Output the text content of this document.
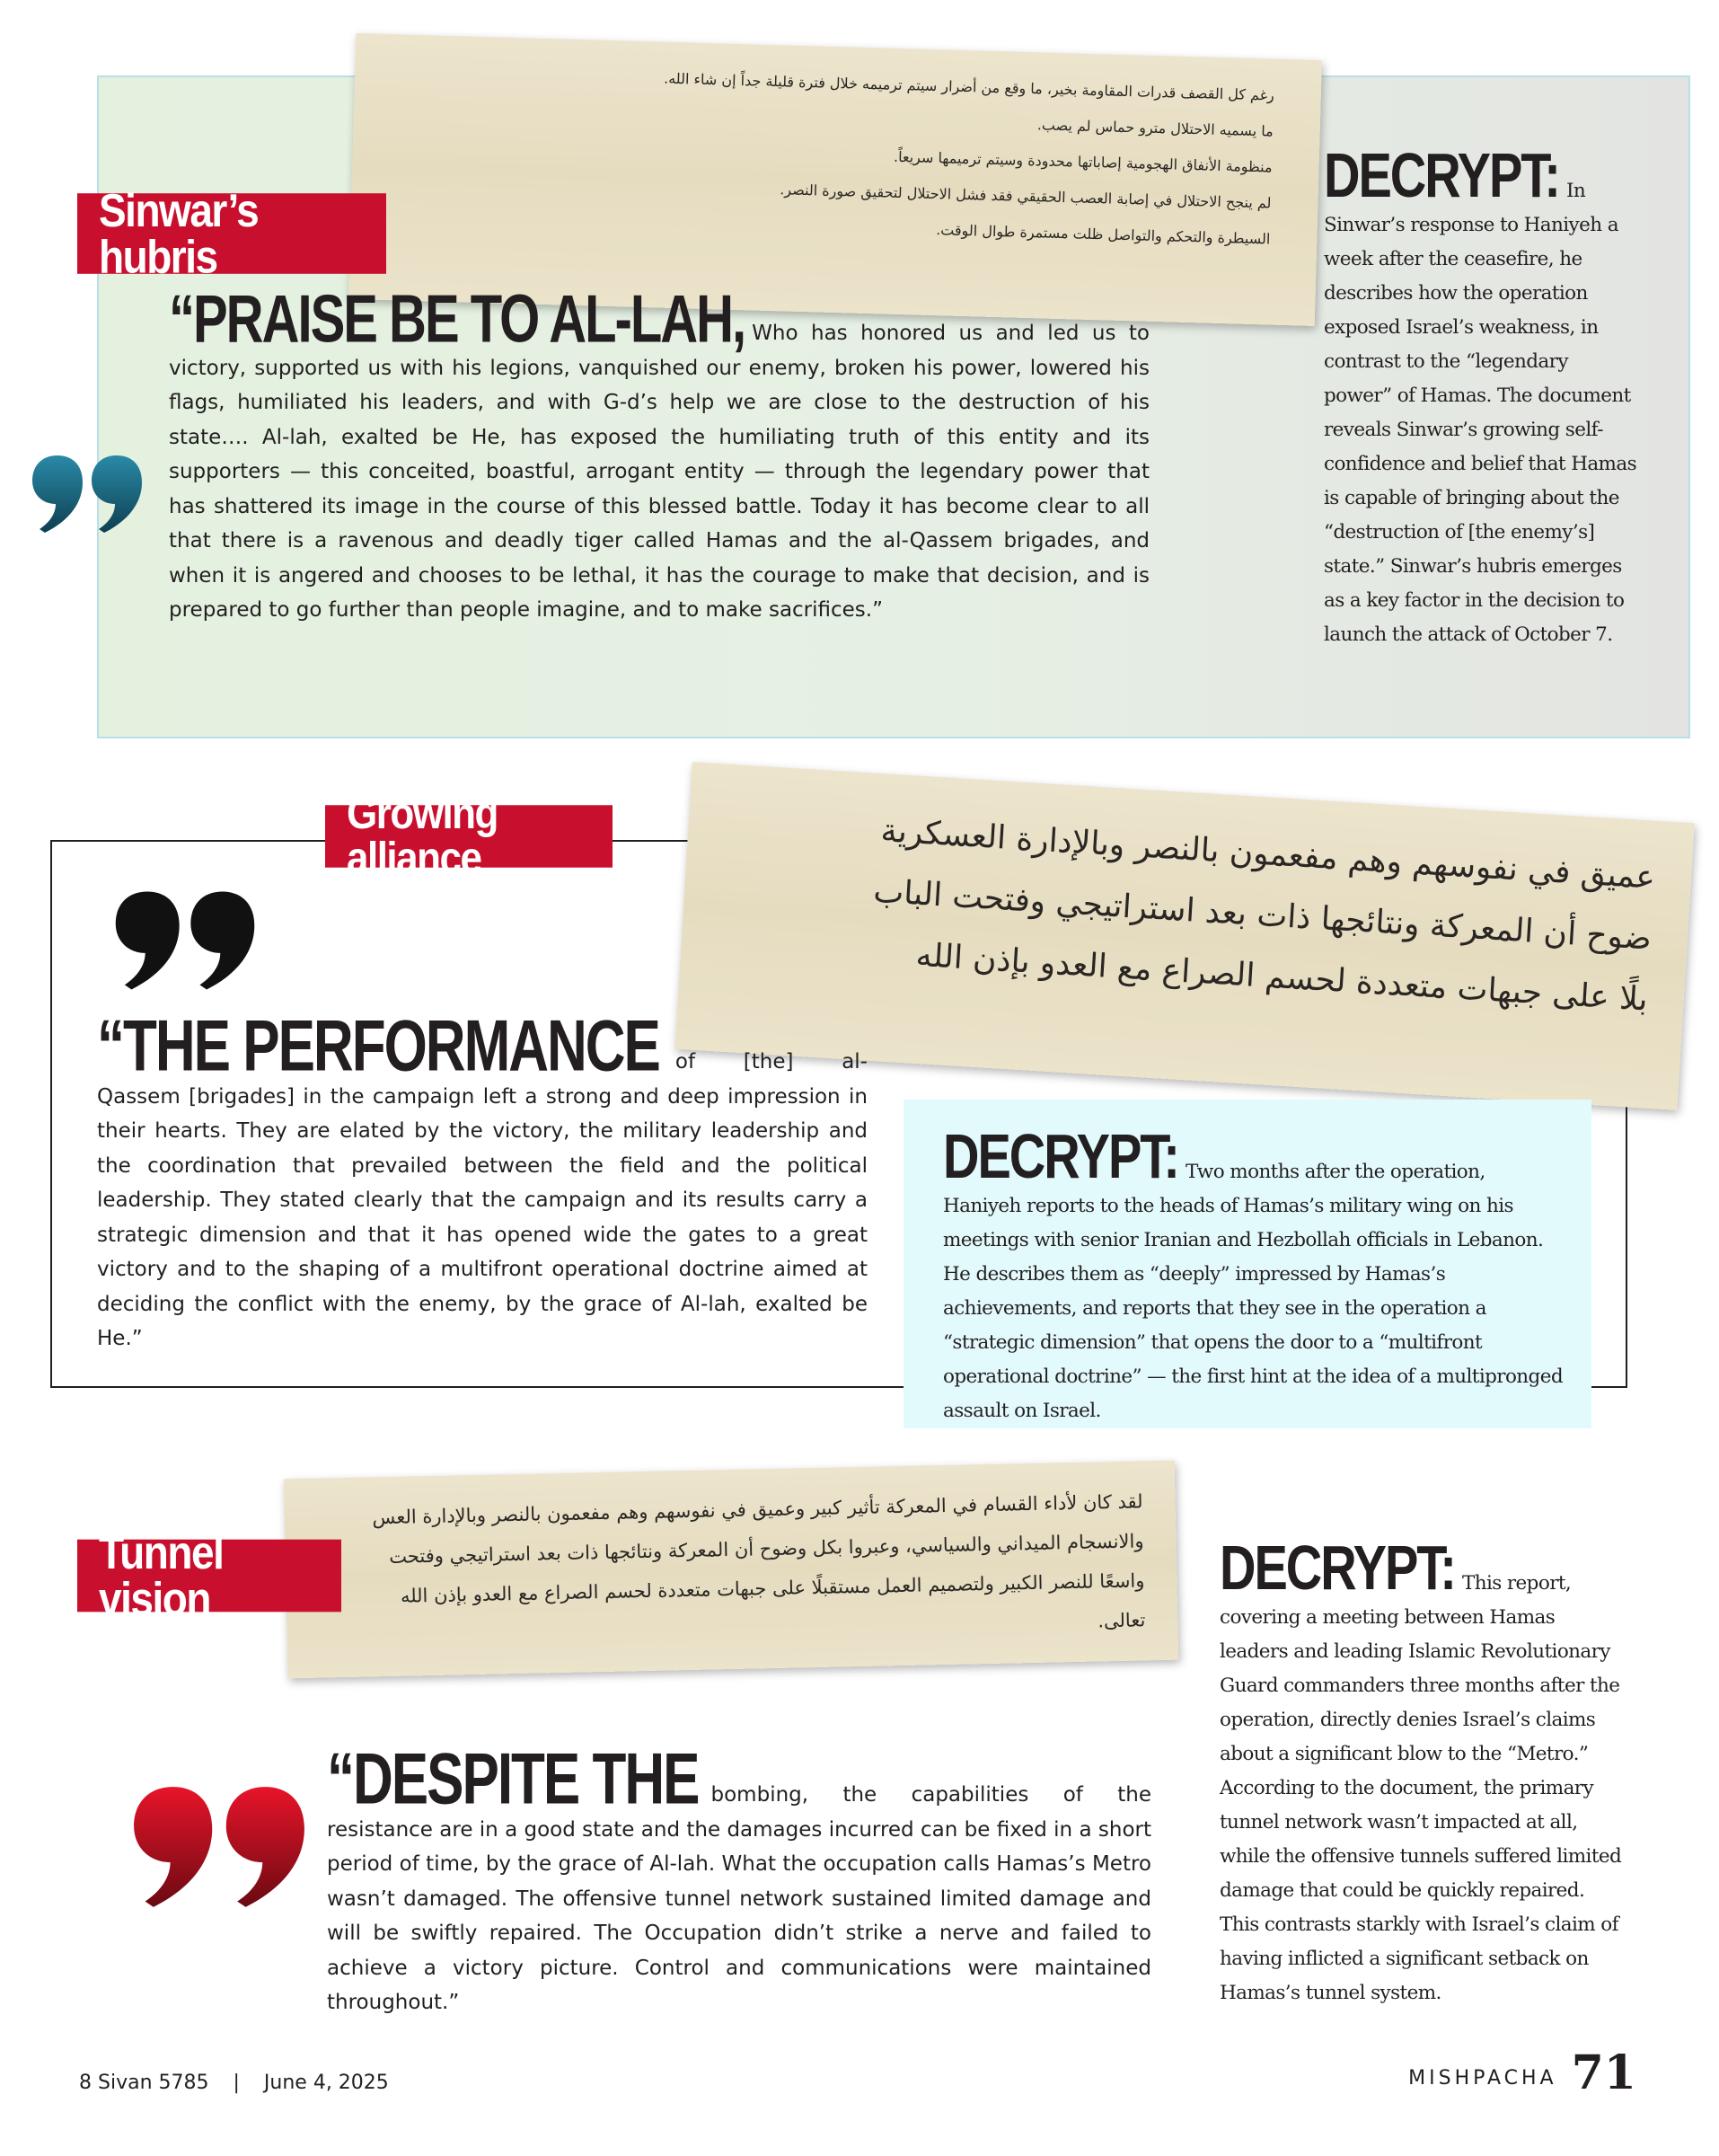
رغم كل القصف قدرات المقاومة بخير، ما وقع من أضرار سيتم ترميمه خلال فترة قليلة جداً إن شاء الله.

ما يسميه الاحتلال مترو حماس لم يصب.

منظومة الأنفاق الهجومية إصاباتها محدودة وسيتم ترميمها سريعاً.

لم ينجح الاحتلال في إصابة العصب الحقيقي فقد فشل الاحتلال لتحقيق صورة النصر.

السيطرة والتحكم والتواصل ظلت مستمرة طوال الوقت.

Sinwar’s hubris

“PRAISE BE TO AL-LAH, Who has honored us and led us to victory, supported us with his legions, vanquished our enemy, broken his power, lowered his flags, humiliated his leaders, and with G-d’s help we are close to the destruction of his state…. Al-lah, exalted be He, has exposed the humiliating truth of this entity and its supporters — this conceited, boastful, arrogant entity — through the legendary power that has shattered its image in the course of this blessed battle. Today it has become clear to all that there is a ravenous and deadly tiger called Hamas and the al-Qassem brigades, and when it is angered and chooses to be lethal, it has the courage to make that decision, and is prepared to go further than people imagine, and to make sacrifices.”

DECRYPT: In Sinwar’s response to Haniyeh a week after the ceasefire, he describes how the operation exposed Israel’s weakness, in contrast to the “legendary power” of Hamas. The document reveals Sinwar’s growing self-confidence and belief that Hamas is capable of bringing about the “destruction of [the enemy’s] state.” Sinwar’s hubris emerges as a key factor in the decision to launch the attack of October 7.

Growing alliance	عميق في نفوسهم وهم مفعمون بالنصر وبالإدارة العسكرية

ضوح أن المعركة ونتائجها ذات بعد استراتيجي وفتحت الباب

بلًا على جبهات متعددة لحسم الصراع مع العدو بإذن الله

“THE PERFORMANCE of [the] al-Qassem [brigades] in the campaign left a strong and deep impression in their hearts. They are elated by the victory, the military leadership and the coordination that prevailed between the field and the political leadership. They stated clearly that the campaign and its results carry a strategic dimension and that it has opened wide the gates to a great victory and to the shaping of a multifront operational doctrine aimed at deciding the conflict with the enemy, by the grace of Al-lah, exalted be He.”

DECRYPT: Two months after the operation, Haniyeh reports to the heads of Hamas’s military wing on his meetings with senior Iranian and Hezbollah officials in Lebanon. He describes them as “deeply” impressed by Hamas’s achievements, and reports that they see in the operation a “strategic dimension” that opens the door to a “multifront operational doctrine” — the first hint at the idea of a multipronged assault on Israel.

لقد كان لأداء القسام في المعركة تأثير كبير وعميق في نفوسهم وهم مفعمون بالنصر وبالإدارة العس

والانسجام الميداني والسياسي، وعبروا بكل وضوح أن المعركة ونتائجها ذات بعد استراتيجي وفتحت

واسعًا للنصر الكبير ولتصميم العمل مستقبلًا على جبهات متعددة لحسم الصراع مع العدو بإذن الله

تعالى.

Tunnel vision

“DESPITE THE bombing, the capabilities of the resistance are in a good state and the damages incurred can be fixed in a short period of time, by the grace of Al-lah. What the occupation calls Hamas’s Metro wasn’t damaged. The offensive tunnel network sustained limited damage and will be swiftly repaired. The Occupation didn’t strike a nerve and failed to achieve a victory picture. Control and communications were maintained throughout.”

DECRYPT: This report, covering a meeting between Hamas leaders and leading Islamic Revolutionary Guard commanders three months after the operation, directly denies Israel’s claims about a significant blow to the “Metro.” According to the document, the primary tunnel network wasn’t impacted at all, while the offensive tunnels suffered limited damage that could be quickly repaired. This contrasts starkly with Israel’s claim of having inflicted a significant setback on Hamas’s tunnel system.

8 Sivan 5785 | June 4, 2025	MISHPACHA 71
